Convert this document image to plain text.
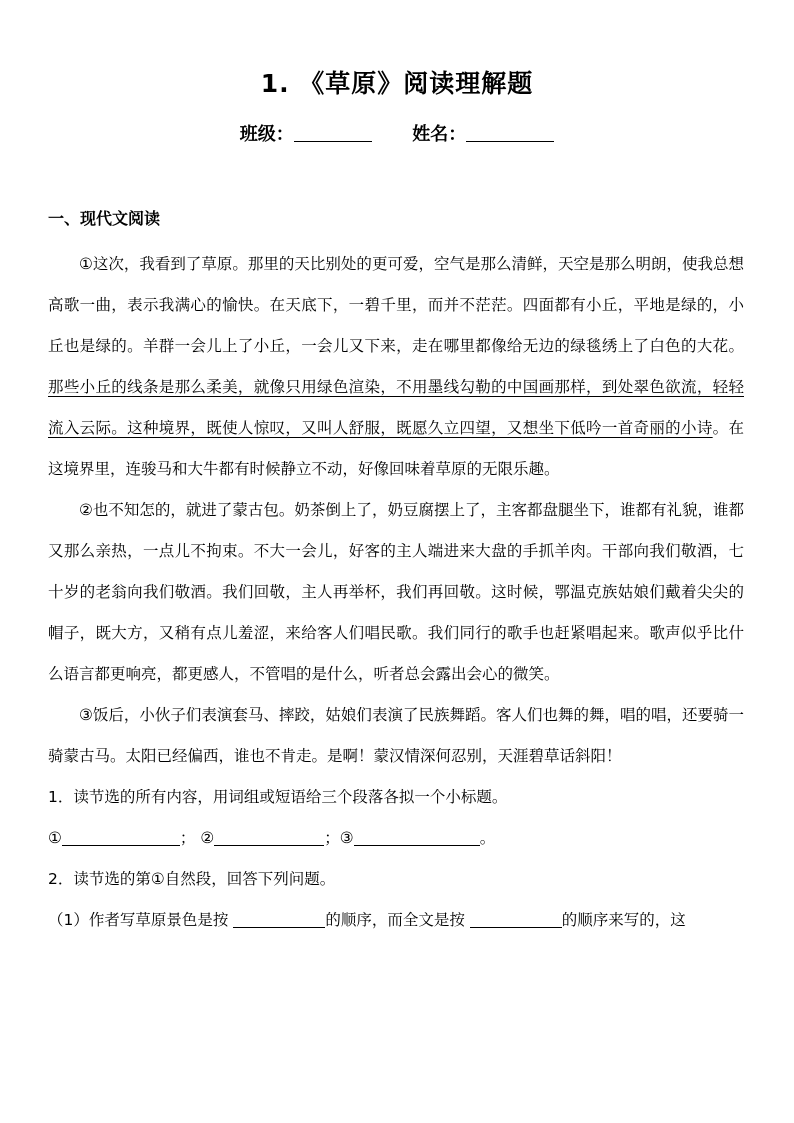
1. 《草原》阅读理解题
班级：	姓名：
一、现代文阅读

①这次，我看到了草原。那里的天比别处的更可爱，空气是那么清鲜，天空是那么明朗，使我总想高歌一曲，表示我满心的愉快。在天底下，一碧千里，而并不茫茫。四面都有小丘，平地是绿的，小丘也是绿的。羊群一会儿上了小丘，一会儿又下来，走在哪里都像给无边的绿毯绣上了白色的大花。那些小丘的线条是那么柔美，就像只用绿色渲染，不用墨线勾勒的中国画那样，到处翠色欲流，轻轻流入云际。这种境界，既使人惊叹，又叫人舒服，既愿久立四望，又想坐下低吟一首奇丽的小诗。在这境界里，连骏马和大牛都有时候静立不动，好像回味着草原的无限乐趣。

②也不知怎的，就进了蒙古包。奶茶倒上了，奶豆腐摆上了，主客都盘腿坐下，谁都有礼貌，谁都又那么亲热，一点儿不拘束。不大一会儿，好客的主人端进来大盘的手抓羊肉。干部向我们敬酒，七十岁的老翁向我们敬酒。我们回敬，主人再举杯，我们再回敬。这时候，鄂温克族姑娘们戴着尖尖的帽子，既大方，又稍有点儿羞涩，来给客人们唱民歌。我们同行的歌手也赶紧唱起来。歌声似乎比什么语言都更响亮，都更感人，不管唱的是什么，听者总会露出会心的微笑。

③饭后，小伙子们表演套马、摔跤，姑娘们表演了民族舞蹈。客人们也舞的舞，唱的唱，还要骑一骑蒙古马。太阳已经偏西，谁也不肯走。是啊！蒙汉情深何忍别，天涯碧草话斜阳！

1．读节选的所有内容，用词组或短语给三个段落各拟一个小标题。

①	； ②	；③	。

2．读节选的第①自然段，回答下列问题。

（1）作者写草原景色是按	的顺序，而全文是按	的顺序来写的，这
